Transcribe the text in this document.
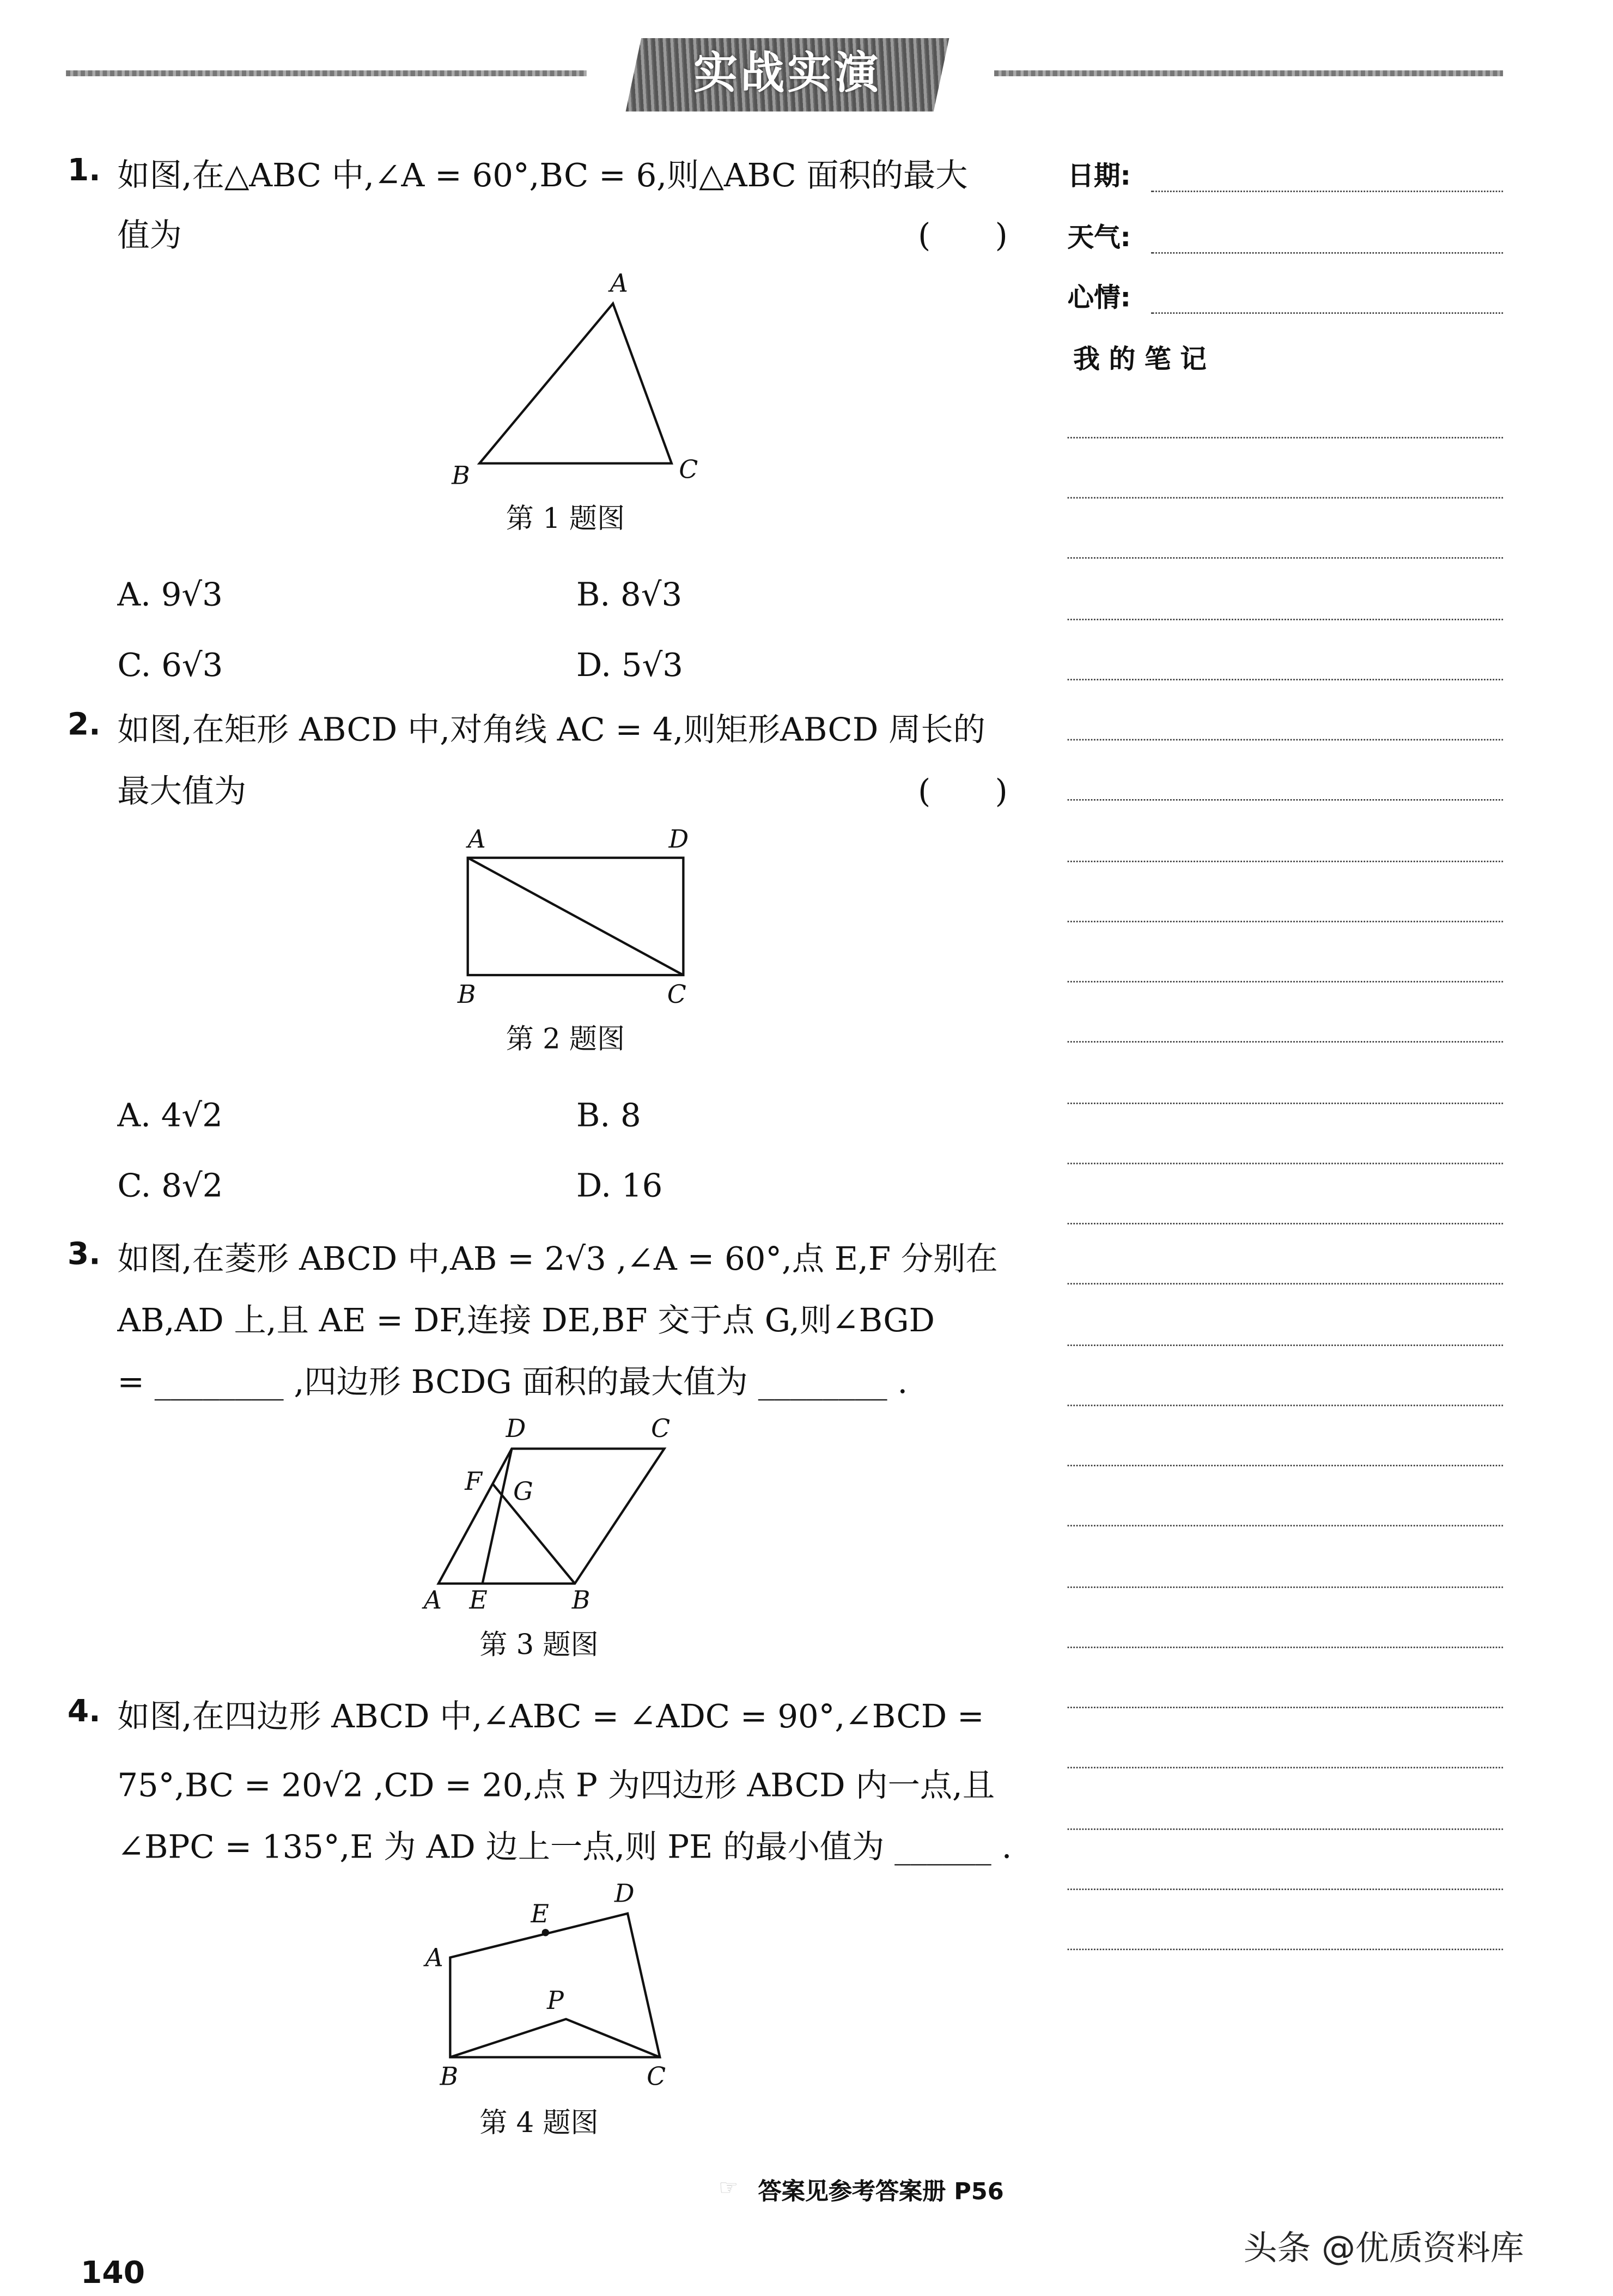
实战实演
日期:
天气:
心情:
我 的 笔 记
1. 如图,在△ABC 中,∠A = 60°,BC = 6,则△ABC 面积的最大
值为	(　　)
A
B	C
第 1 题图
A. 9√3	B. 8√3
C. 6√3	D. 5√3
2. 如图,在矩形 ABCD 中,对角线 AC = 4,则矩形ABCD 周长的
最大值为	(　　)
A	D
B	C
第 2 题图
A. 4√2	B. 8
C. 8√2	D. 16
3. 如图,在菱形 ABCD 中,AB = 2√3 ,∠A = 60°,点 E,F 分别在
AB,AD 上,且 AE = DF,连接 DE,BF 交于点 G,则∠BGD
= ________ ,四边形 BCDG 面积的最大值为 ________ .
D	C
F	G
A	E	B
第 3 题图
4. 如图,在四边形 ABCD 中,∠ABC = ∠ADC = 90°,∠BCD =
75°,BC = 20√2 ,CD = 20,点 P 为四边形 ABCD 内一点,且
∠BPC = 135°,E 为 AD 边上一点,则 PE 的最小值为 ______ .
E
D
A
P
B	C
第 4 题图
☞ 答案见参考答案册 P56
140
头条 @优质资料库
